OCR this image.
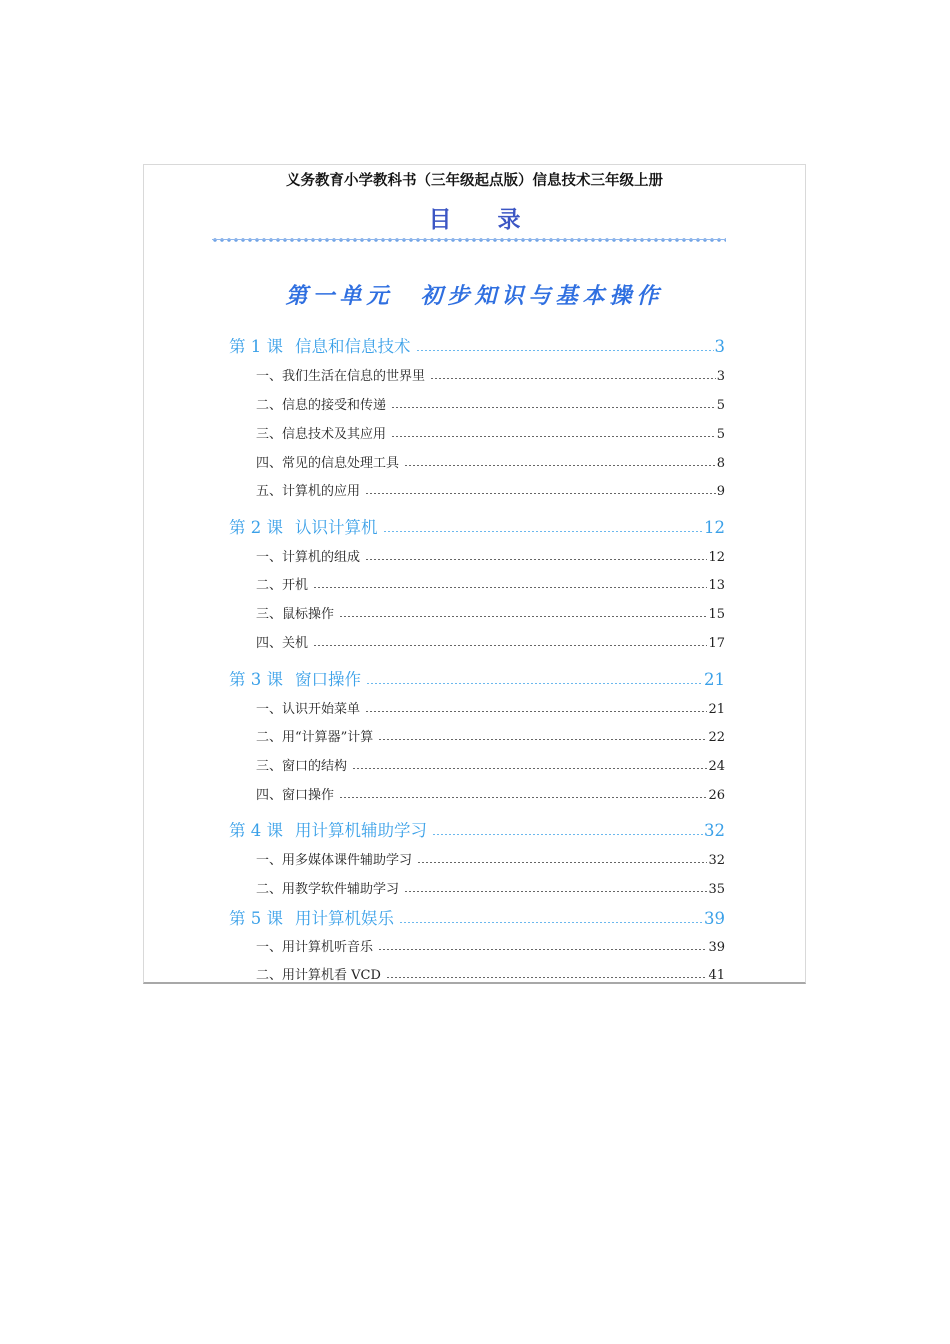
义务教育小学教科书（三年级起点版）信息技术三年级上册
目录
第一单元　初步知识与基本操作
第 1 课 信息和信息技术	3
一、我们生活在信息的世界里	3
二、信息的接受和传递	5
三、信息技术及其应用	5
四、常见的信息处理工具	8
五、计算机的应用	9
第 2 课 认识计算机	12
一、计算机的组成	12
二、开机	13
三、鼠标操作	15
四、关机	17
第 3 课 窗口操作	21
一、认识开始菜单	21
二、用“计算器”计算	22
三、窗口的结构	24
四、窗口操作	26
第 4 课 用计算机辅助学习	32
一、用多媒体课件辅助学习	32
二、用教学软件辅助学习	35
第 5 课 用计算机娱乐	39
一、用计算机听音乐	39
二、用计算机看 VCD	41
